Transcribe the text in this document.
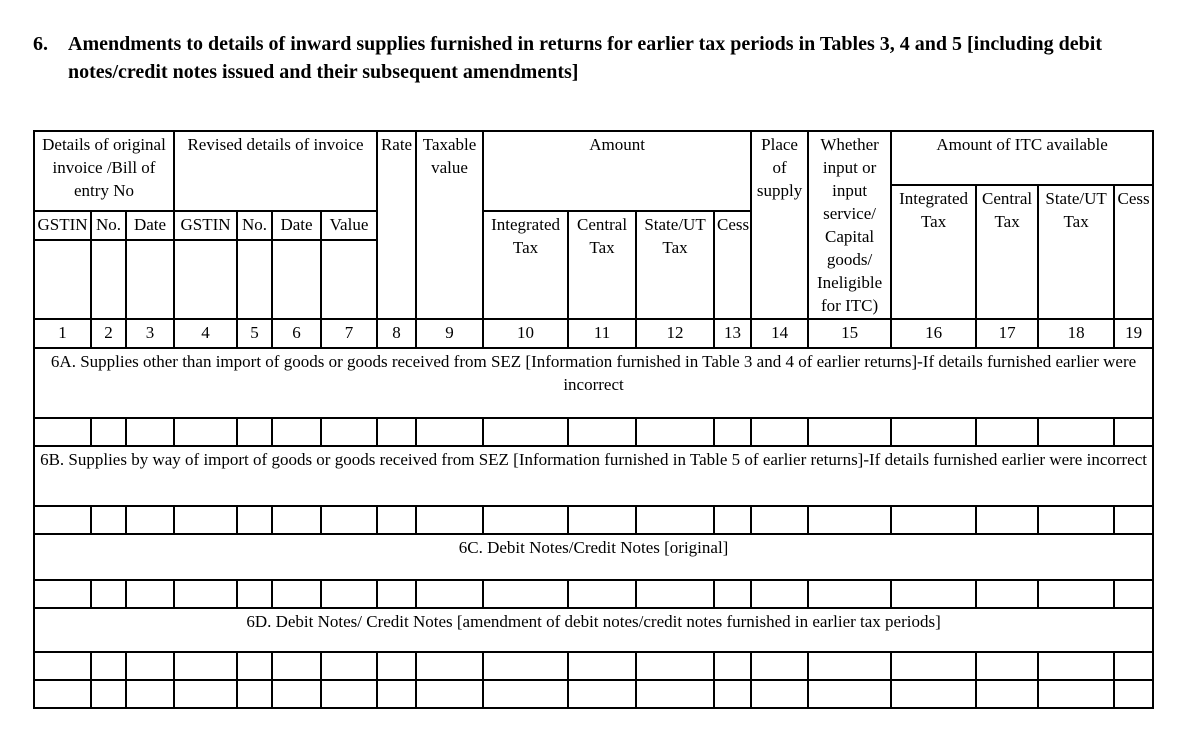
6.	Amendments to details of inward supplies furnished in returns for earlier tax periods in Tables 3, 4 and 5 [including debit notes/credit notes issued and their subsequent amendments]
Details of original invoice /Bill of entry No			Revised details of invoice				Rate	Taxable value	Amount				Place of supply	Whether input or input service/ Capital goods/ Ineligible for ITC)	Amount of ITC available			
															Integrated Tax	Central Tax	State/UT Tax	Cess
GSTIN	No.	Date	GSTIN	No.	Date	Value			Integrated Tax	Central Tax	State/UT Tax	Cess						

1	2	3	4	5	6	7	8	9	10	11	12	13	14	15	16	17	18	19
6A. Supplies other than import of goods or goods received from SEZ [Information furnished in Table 3 and 4 of earlier returns]-If details furnished earlier were incorrect																		

6B. Supplies by way of import of goods or goods received from SEZ [Information furnished in Table 5 of earlier returns]-If details furnished earlier were incorrect																		

6C. Debit Notes/Credit Notes [original]																		

6D. Debit Notes/ Credit Notes [amendment of debit notes/credit notes furnished in earlier tax periods]																		
